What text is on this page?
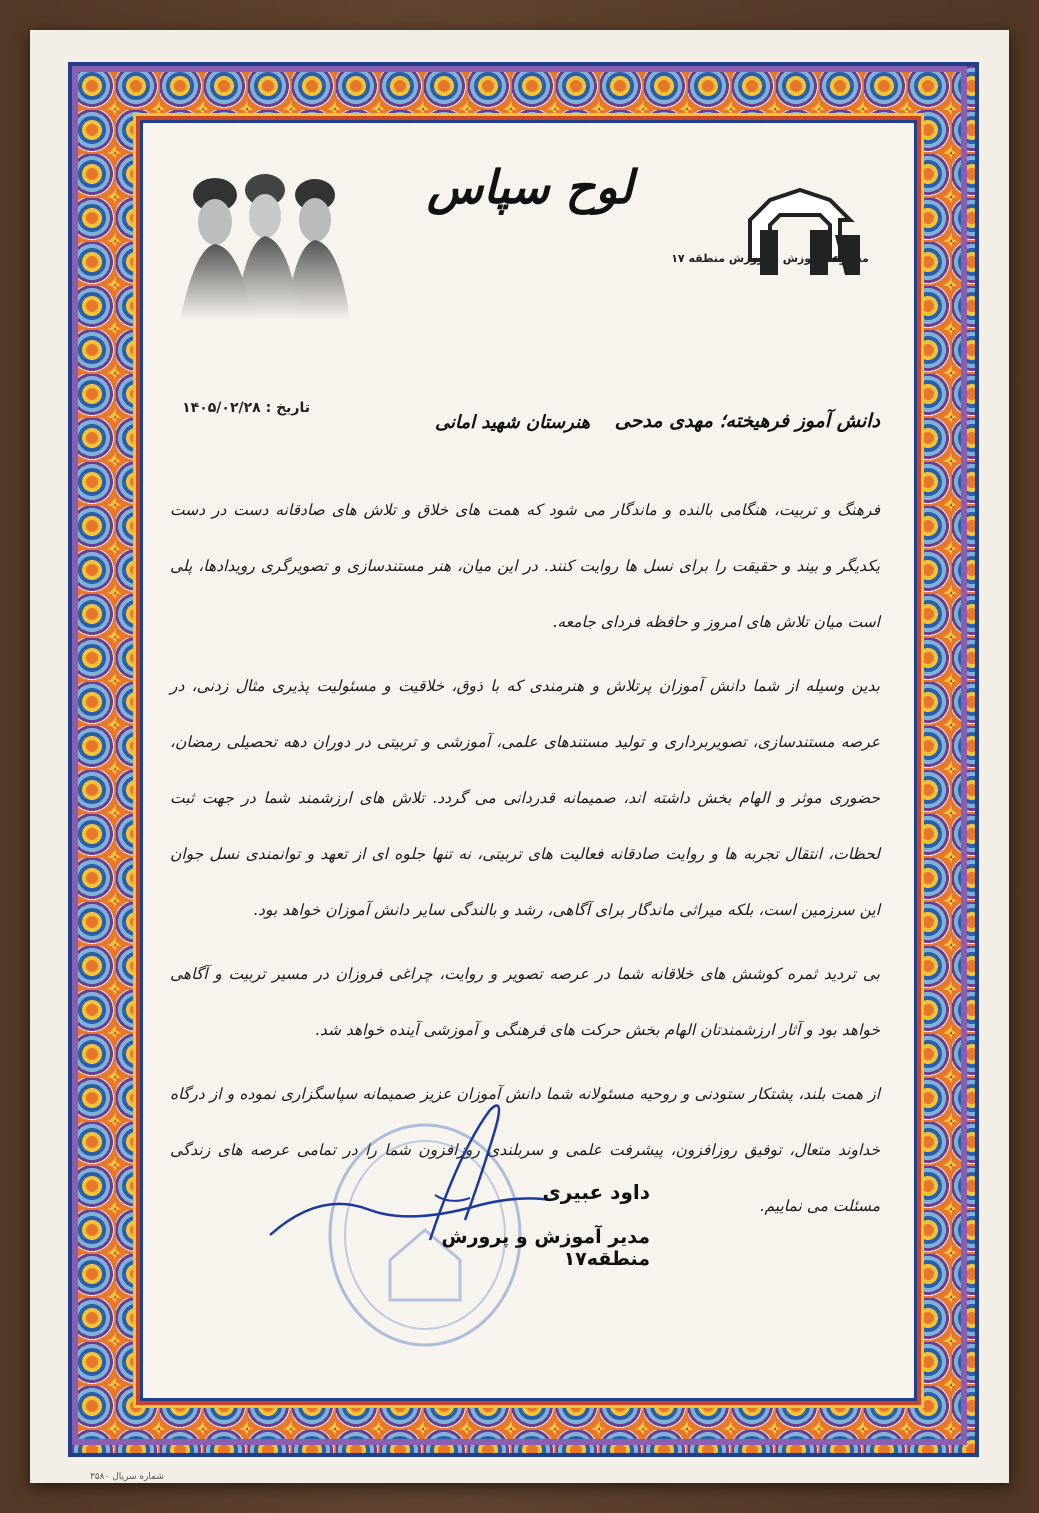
لوح سپاس
مجموعه آموزش و پرورش منطقه ۱۷
تاریخ : ۱۴۰۵/۰۲/۲۸
دانش آموز فرهیخته؛ مهدی مدحی
هنرستان شهید امانی

فرهنگ و تربیت، هنگامی بالنده و ماندگار می شود که همت های خلاق و تلاش های صادقانه دست در دست یکدیگر و بیند و حقیقت را برای نسل ها روایت کنند. در این میان، هنر مستندسازی و تصویرگری رویدادها، پلی است میان تلاش های امروز و حافظه فردای جامعه.

بدین وسیله از شما دانش آموزان پرتلاش و هنرمندی که با ذوق، خلاقیت و مسئولیت پذیری مثال زدنی، در عرصه مستندسازی، تصویربرداری و تولید مستندهای علمی، آموزشی و تربیتی در دوران دهه تحصیلی رمضان، حضوری موثر و الهام بخش داشته اند، صمیمانه قدردانی می گردد. تلاش های ارزشمند شما در جهت ثبت لحظات، انتقال تجربه ها و روایت صادقانه فعالیت های تربیتی، نه تنها جلوه ای از تعهد و توانمندی نسل جوان این سرزمین است، بلکه میراثی ماندگار برای آگاهی، رشد و بالندگی سایر دانش آموزان خواهد بود.

بی تردید ثمره کوشش های خلاقانه شما در عرصه تصویر و روایت، چراغی فروزان در مسیر تربیت و آگاهی خواهد بود و آثار ارزشمندتان الهام بخش حرکت های فرهنگی و آموزشی آینده خواهد شد.

از همت بلند، پشتکار ستودنی و روحیه مسئولانه شما دانش آموزان عزیز صمیمانه سپاسگزاری نموده و از درگاه خداوند متعال، توفیق روزافزون، پیشرفت علمی و سربلندی روزافزون شما را در تمامی عرصه های زندگی مسئلت می نماییم.

داود عبیری
مدیر آموزش و پرورش منطقه۱۷
شماره سریال ۳۵۸۰
